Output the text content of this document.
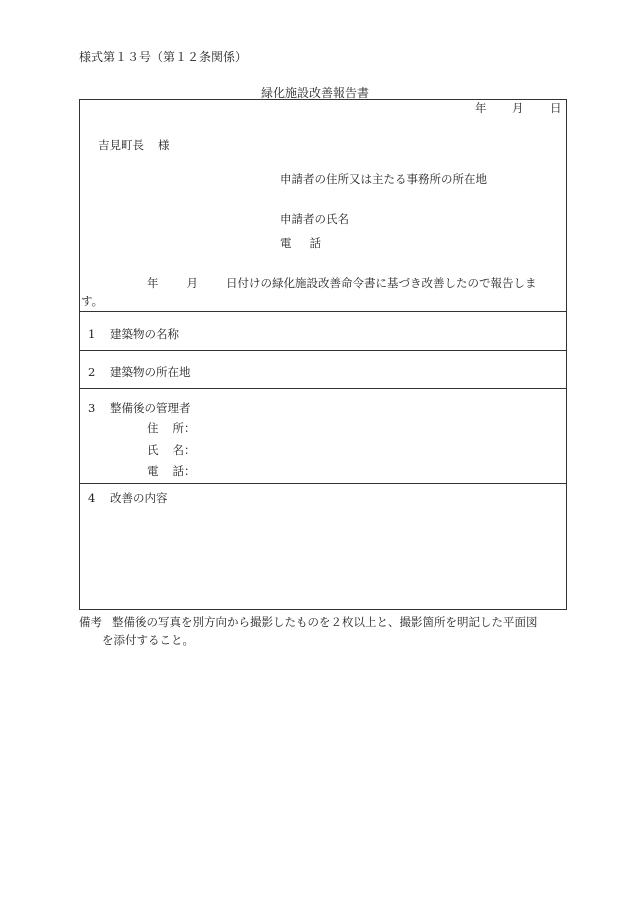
様式第１３号（第１２条関係）
緑化施設改善報告書
年 月 日
吉見町長 様
申請者の住所又は主たる事務所の所在地
申請者の氏名
電 話
年 月 日付けの緑化施設改善命令書に基づき改善したので報告しま
す。
1 建築物の名称
2 建築物の所在地
3 整備後の管理者
住 所：
氏 名：
電 話：
4 改善の内容
備考 整備後の写真を別方向から撮影したものを２枚以上と、撮影箇所を明記した平面図
を添付すること。
